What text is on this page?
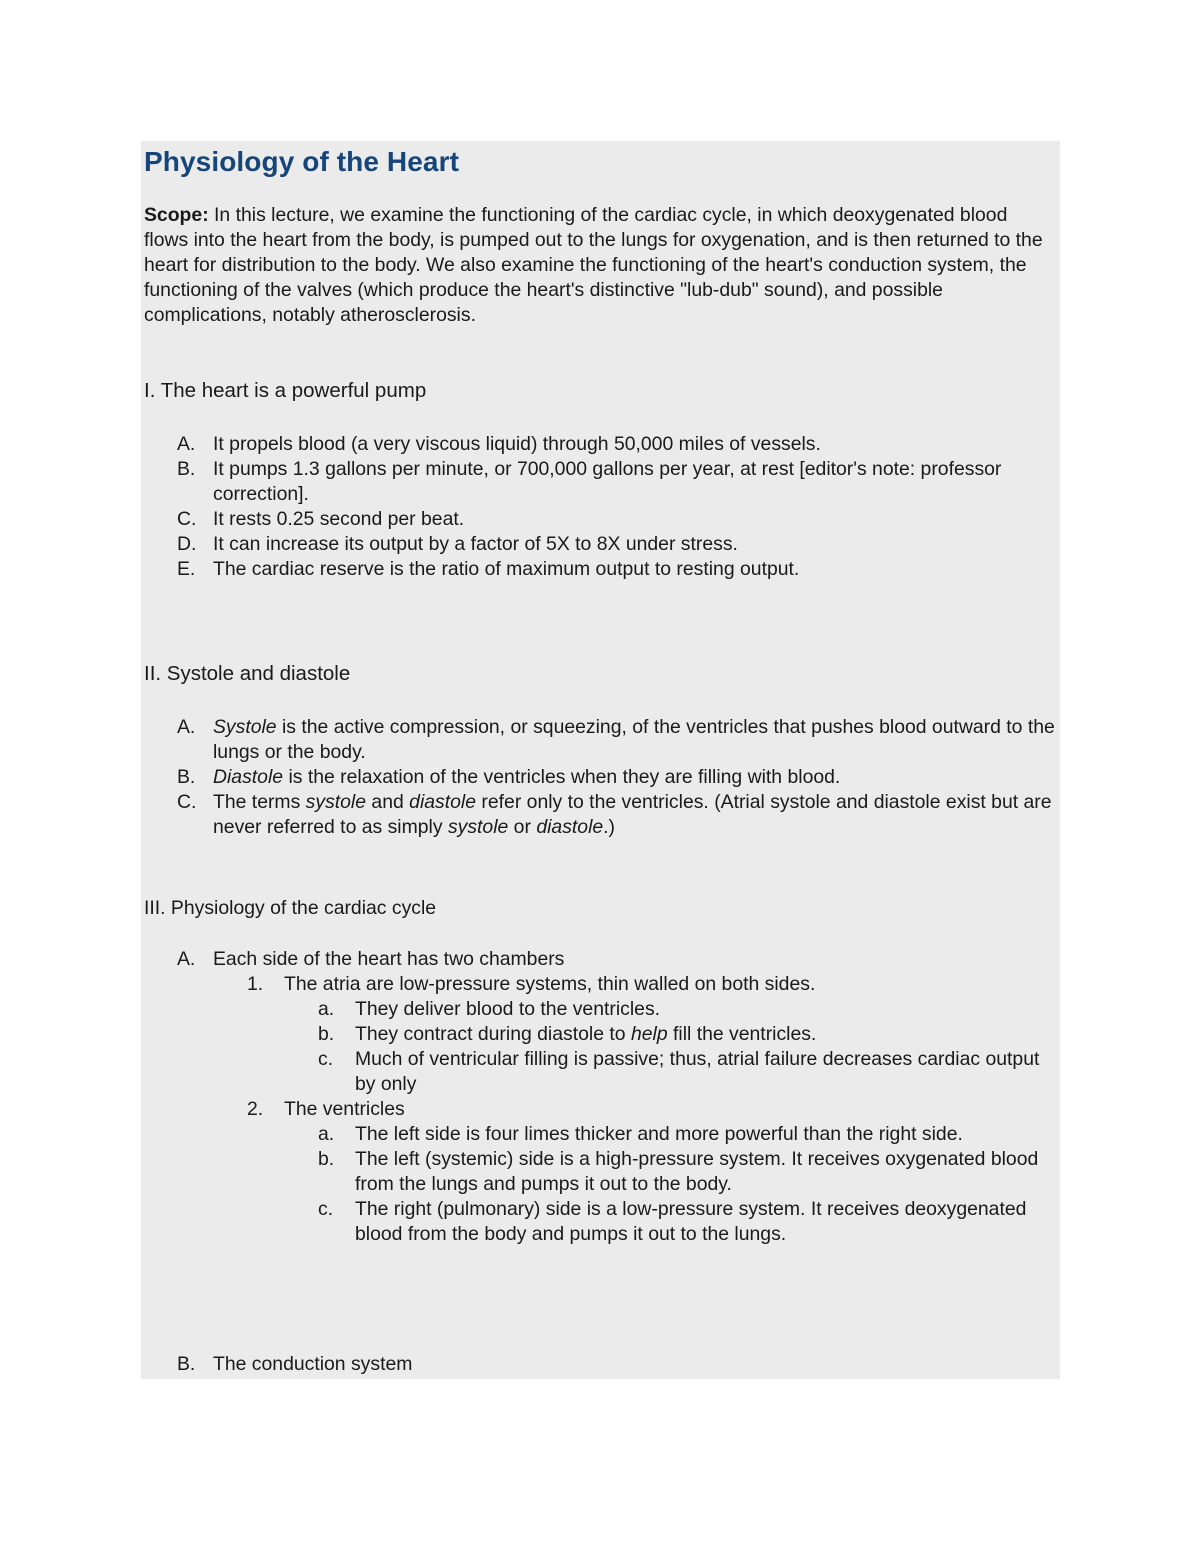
Physiology of the Heart
Scope: In this lecture, we examine the functioning of the cardiac cycle, in which deoxygenated blood flows into the heart from the body, is pumped out to the lungs for oxygenation, and is then returned to the heart for distribution to the body. We also examine the functioning of the heart's conduction system, the functioning of the valves (which produce the heart's distinctive "lub-dub" sound), and possible complications, notably atherosclerosis.
I. The heart is a powerful pump
A. It propels blood (a very viscous liquid) through 50,000 miles of vessels.
B. It pumps 1.3 gallons per minute, or 700,000 gallons per year, at rest [editor's note: professor correction].
C. It rests 0.25 second per beat.
D. It can increase its output by a factor of 5X to 8X under stress.
E. The cardiac reserve is the ratio of maximum output to resting output.
II. Systole and diastole
A. Systole is the active compression, or squeezing, of the ventricles that pushes blood outward to the lungs or the body.
B. Diastole is the relaxation of the ventricles when they are filling with blood.
C. The terms systole and diastole refer only to the ventricles. (Atrial systole and diastole exist but are never referred to as simply systole or diastole.)
III. Physiology of the cardiac cycle
A. Each side of the heart has two chambers
1. The atria are low-pressure systems, thin walled on both sides.
a. They deliver blood to the ventricles.
b. They contract during diastole to help fill the ventricles.
c. Much of ventricular filling is passive; thus, atrial failure decreases cardiac output by only
2. The ventricles
a. The left side is four limes thicker and more powerful than the right side.
b. The left (systemic) side is a high-pressure system. It receives oxygenated blood from the lungs and pumps it out to the body.
c. The right (pulmonary) side is a low-pressure system. It receives deoxygenated blood from the body and pumps it out to the lungs.
B. The conduction system
